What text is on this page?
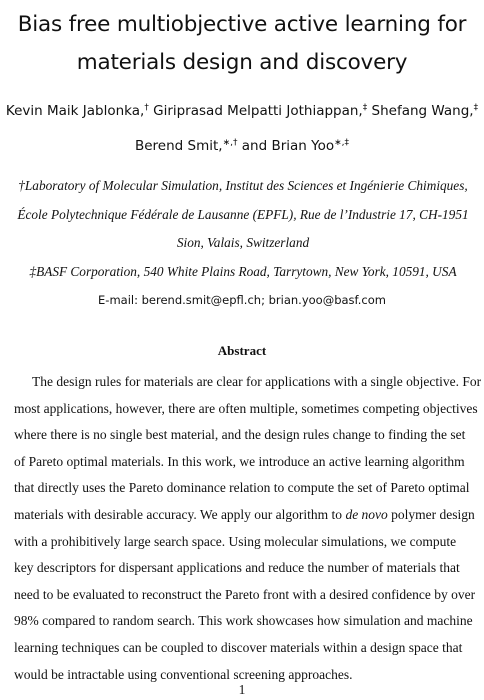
Bias free multiobjective active learning for
materials design and discovery
Kevin Maik Jablonka,† Giriprasad Melpatti Jothiappan,‡ Shefang Wang,‡
Berend Smit,∗,† and Brian Yoo∗,‡
†Laboratory of Molecular Simulation, Institut des Sciences et Ingénierie Chimiques, École Polytechnique Fédérale de Lausanne (EPFL), Rue de l’Industrie 17, CH-1951 Sion, Valais, Switzerland
‡BASF Corporation, 540 White Plains Road, Tarrytown, New York, 10591, USA
E-mail: berend.smit@epfl.ch; brian.yoo@basf.com
Abstract
The design rules for materials are clear for applications with a single objective. For
most applications, however, there are often multiple, sometimes competing objectives
where there is no single best material, and the design rules change to finding the set
of Pareto optimal materials. In this work, we introduce an active learning algorithm
that directly uses the Pareto dominance relation to compute the set of Pareto optimal
materials with desirable accuracy. We apply our algorithm to de novo polymer design
with a prohibitively large search space. Using molecular simulations, we compute
key descriptors for dispersant applications and reduce the number of materials that
need to be evaluated to reconstruct the Pareto front with a desired confidence by over
98% compared to random search. This work showcases how simulation and machine
learning techniques can be coupled to discover materials within a design space that
would be intractable using conventional screening approaches.
1
